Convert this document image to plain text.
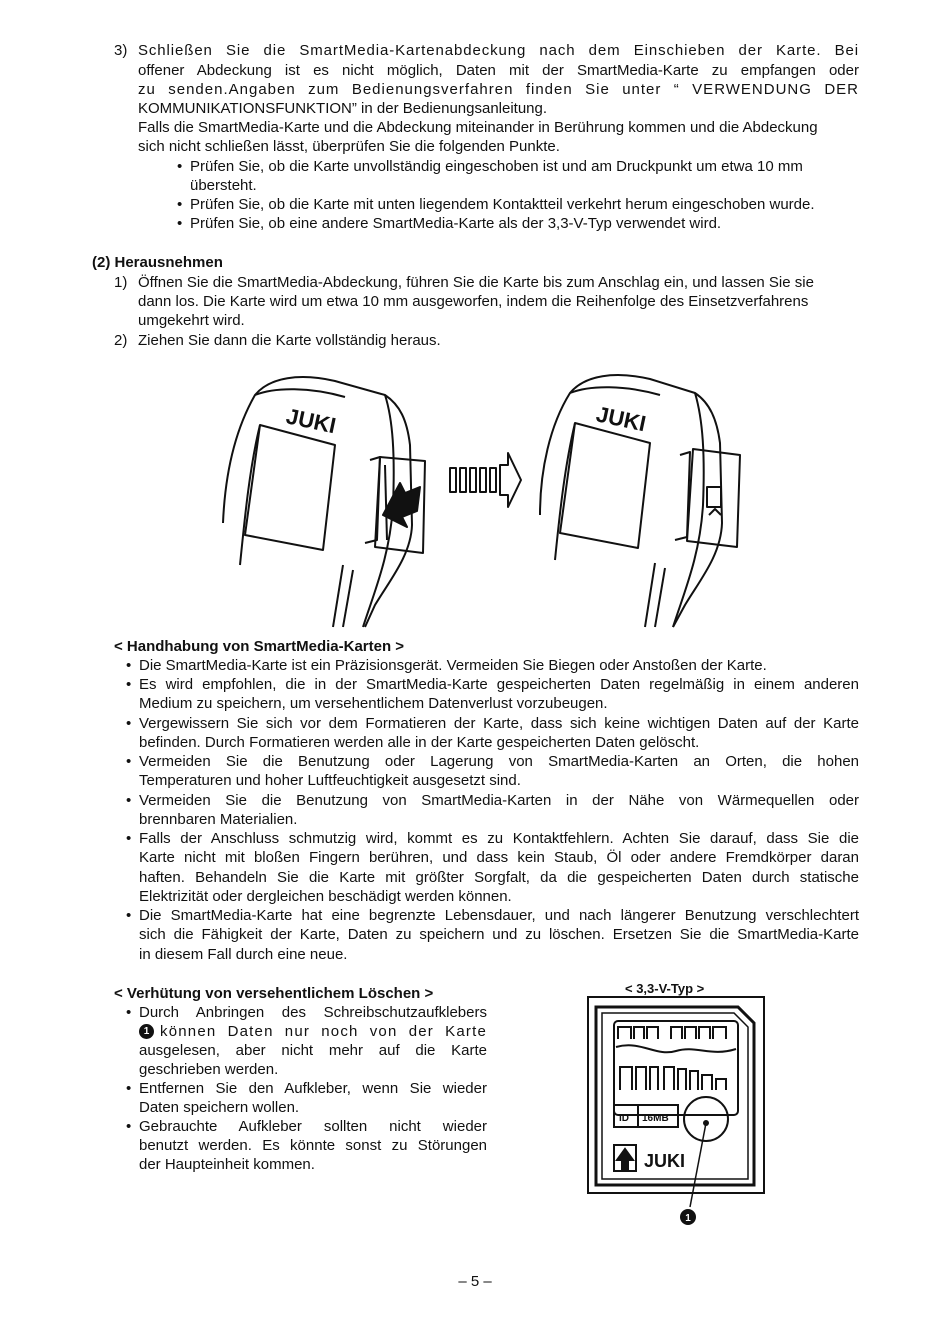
3) Schließen Sie die SmartMedia-Kartenabdeckung nach dem Einschieben der Karte. Bei
offener Abdeckung ist es nicht möglich, Daten mit der SmartMedia-Karte zu empfangen oder
zu senden.Angaben zum Bedienungsverfahren finden Sie unter “ VERWENDUNG DER
KOMMUNIKATIONSFUNKTION” in der Bedienungsanleitung.
Falls die SmartMedia-Karte und die Abdeckung miteinander in Berührung kommen und die Abdeckung
sich nicht schließen lässt, überprüfen Sie die folgenden Punkte.
• Prüfen Sie, ob die Karte unvollständig eingeschoben ist und am Druckpunkt um etwa 10 mm
übersteht.
• Prüfen Sie, ob die Karte mit unten liegendem Kontaktteil verkehrt herum eingeschoben wurde.
• Prüfen Sie, ob eine andere SmartMedia-Karte als der 3,3-V-Typ verwendet wird.
(2) Herausnehmen
1) Öffnen Sie die SmartMedia-Abdeckung, führen Sie die Karte bis zum Anschlag ein, und lassen Sie sie
dann los. Die Karte wird um etwa 10 mm ausgeworfen, indem die Reihenfolge des Einsetzverfahrens
umgekehrt wird.
2) Ziehen Sie dann die Karte vollständig heraus.
JUKI	JUKI
< Handhabung von SmartMedia-Karten >
• Die SmartMedia-Karte ist ein Präzisionsgerät. Vermeiden Sie Biegen oder Anstoßen der Karte.
• Es wird empfohlen, die in der SmartMedia-Karte gespeicherten Daten regelmäßig in einem anderen
Medium zu speichern, um versehentlichem Datenverlust vorzubeugen.
• Vergewissern Sie sich vor dem Formatieren der Karte, dass sich keine wichtigen Daten auf der Karte
befinden. Durch Formatieren werden alle in der Karte gespeicherten Daten gelöscht.
• Vermeiden Sie die Benutzung oder Lagerung von SmartMedia-Karten an Orten, die hohen
Temperaturen und hoher Luftfeuchtigkeit ausgesetzt sind.
• Vermeiden Sie die Benutzung von SmartMedia-Karten in der Nähe von Wärmequellen oder
brennbaren Materialien.
• Falls der Anschluss schmutzig wird, kommt es zu Kontaktfehlern. Achten Sie darauf, dass Sie die
Karte nicht mit bloßen Fingern berühren, und dass kein Staub, Öl oder andere Fremdkörper daran
haften. Behandeln Sie die Karte mit größter Sorgfalt, da die gespeicherten Daten durch statische
Elektrizität oder dergleichen beschädigt werden können.
• Die SmartMedia-Karte hat eine begrenzte Lebensdauer, und nach längerer Benutzung verschlechtert
sich die Fähigkeit der Karte, Daten zu speichern und zu löschen. Ersetzen Sie die SmartMedia-Karte
in diesem Fall durch eine neue.
< Verhütung von versehentlichem Löschen >
• Durch Anbringen des Schreibschutzaufklebers
1 können Daten nur noch von der Karte
ausgelesen, aber nicht mehr auf die Karte
geschrieben werden.
• Entfernen Sie den Aufkleber, wenn Sie wieder
Daten speichern wollen.
• Gebrauchte Aufkleber sollten nicht wieder
benutzt werden. Es könnte sonst zu Störungen
der Haupteinheit kommen.
< 3,3-V-Typ >
ID 16MB
JUKI
1
– 5 –
